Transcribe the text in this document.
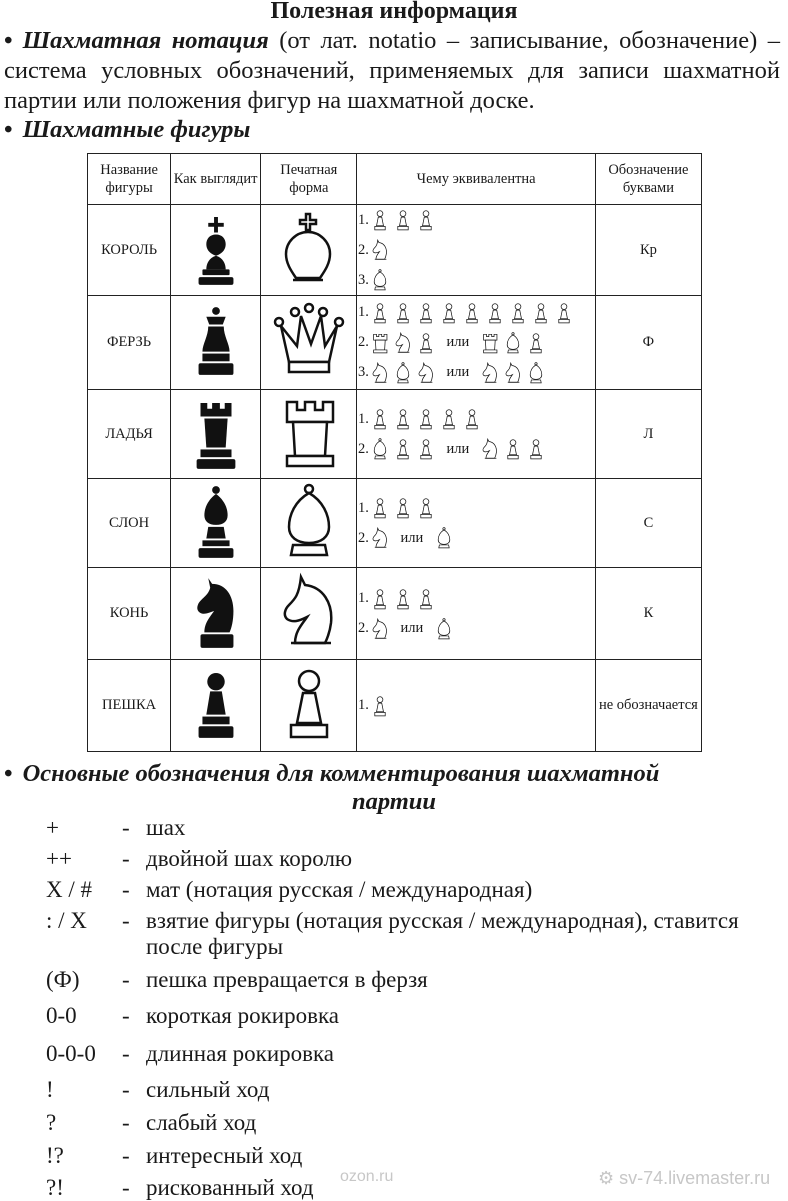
Полезная информация

• Шахматная нотация (от лат. notatio – записывание, обозначение) – система условных обозначений, применяемых для записи шахматной партии или положения фигур на шахматной доске.

• Шахматные фигуры
Название фигуры	Как выглядит	Печатная форма	Чему эквивалентна	Обозначение буквами
КОРОЛЬ			1.
2.
3.	Кр
ФЕРЗЬ			1.
2. или
3. или	Ф
ЛАДЬЯ			1.
2. или	Л
СЛОН			1.
2. или	С
КОНЬ			1.
2. или	К
ПЕШКА			1.	не обозначается
• Основные обозначения для комментирования шахматной
партии
+	- шах
++	- двойной шах королю
X / #	- мат (нотация русская / международная)
: / X	- взятие фигуры (нотация русская / международная), ставится после фигуры
(Ф)	- пешка превращается в ферзя
0-0	- короткая рокировка
0-0-0	- длинная рокировка
!	- сильный ход
?	- слабый ход
!?	- интересный ход
?!	- рискованный ход	ozon.ru	⚙ sv-74.livemaster.ru
